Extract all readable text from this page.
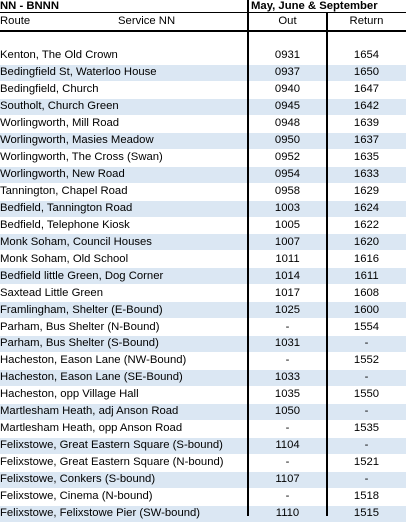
NN - BNNN	May, June & September
Route	Service NN	Out	Return
Kenton, The Old Crown	0931	1654
Bedingfield St, Waterloo House	0937	1650
Bedingfield, Church	0940	1647
Southolt, Church Green	0945	1642
Worlingworth, Mill Road	0948	1639
Worlingworth, Masies Meadow	0950	1637
Worlingworth, The Cross (Swan)	0952	1635
Worlingworth, New Road	0954	1633
Tannington, Chapel Road	0958	1629
Bedfield, Tannington Road	1003	1624
Bedfield, Telephone Kiosk	1005	1622
Monk Soham, Council Houses	1007	1620
Monk Soham, Old School	1011	1616
Bedfield little Green, Dog Corner	1014	1611
Saxtead Little Green	1017	1608
Framlingham, Shelter (E-Bound)	1025	1600
Parham, Bus Shelter (N-Bound)	-	1554
Parham, Bus Shelter (S-Bound)	1031	-
Hacheston, Eason Lane (NW-Bound)	-	1552
Hacheston, Eason Lane (SE-Bound)	1033	-
Hacheston, opp Village Hall	1035	1550
Martlesham Heath, adj Anson Road	1050	-
Martlesham Heath, opp Anson Road	-	1535
Felixstowe, Great Eastern Square (S-bound)	1104	-
Felixstowe, Great Eastern Square (N-bound)	-	1521
Felixstowe, Conkers (S-bound)	1107	-
Felixstowe, Cinema (N-bound)	-	1518
Felixstowe, Felixstowe Pier (SW-bound)	1110	1515
